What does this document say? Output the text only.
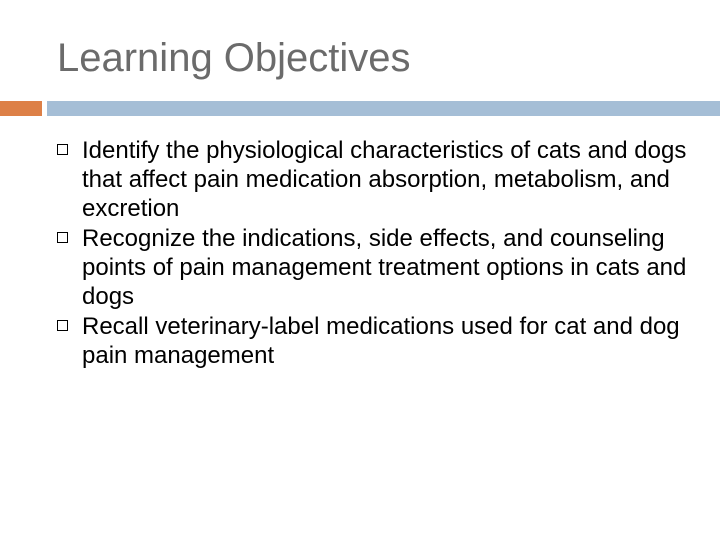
Learning Objectives
Identify the physiological characteristics of cats and dogs that affect pain medication absorption, metabolism, and excretion
Recognize the indications, side effects, and counseling points of pain management treatment options in cats and dogs
Recall veterinary-label medications used for cat and dog pain management
